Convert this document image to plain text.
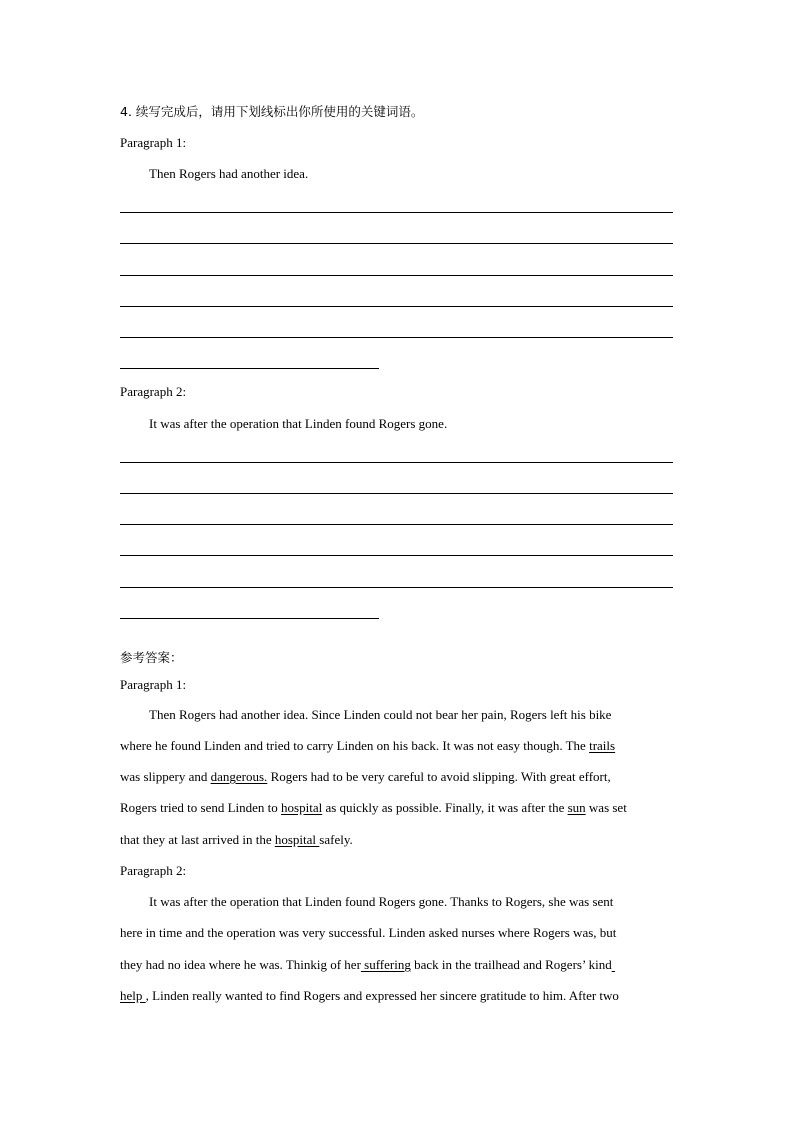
4. 续写完成后，请用下划线标出你所使用的关键词语。
Paragraph 1:
Then Rogers had another idea.
Paragraph 2:
It was after the operation that Linden found Rogers gone.
参考答案：
Paragraph 1:
Then Rogers had another idea. Since Linden could not bear her pain, Rogers left his bike
where he found Linden and tried to carry Linden on his back. It was not easy though. The trails
was slippery and dangerous. Rogers had to be very careful to avoid slipping. With great effort,
Rogers tried to send Linden to hospital as quickly as possible. Finally, it was after the sun was set
that they at last arrived in the hospital safely.
Paragraph 2:
It was after the operation that Linden found Rogers gone. Thanks to Rogers, she was sent
here in time and the operation was very successful. Linden asked nurses where Rogers was, but
they had no idea where he was. Thinkig of her suffering back in the trailhead and Rogers’ kind
help , Linden really wanted to find Rogers and expressed her sincere gratitude to him. After two
